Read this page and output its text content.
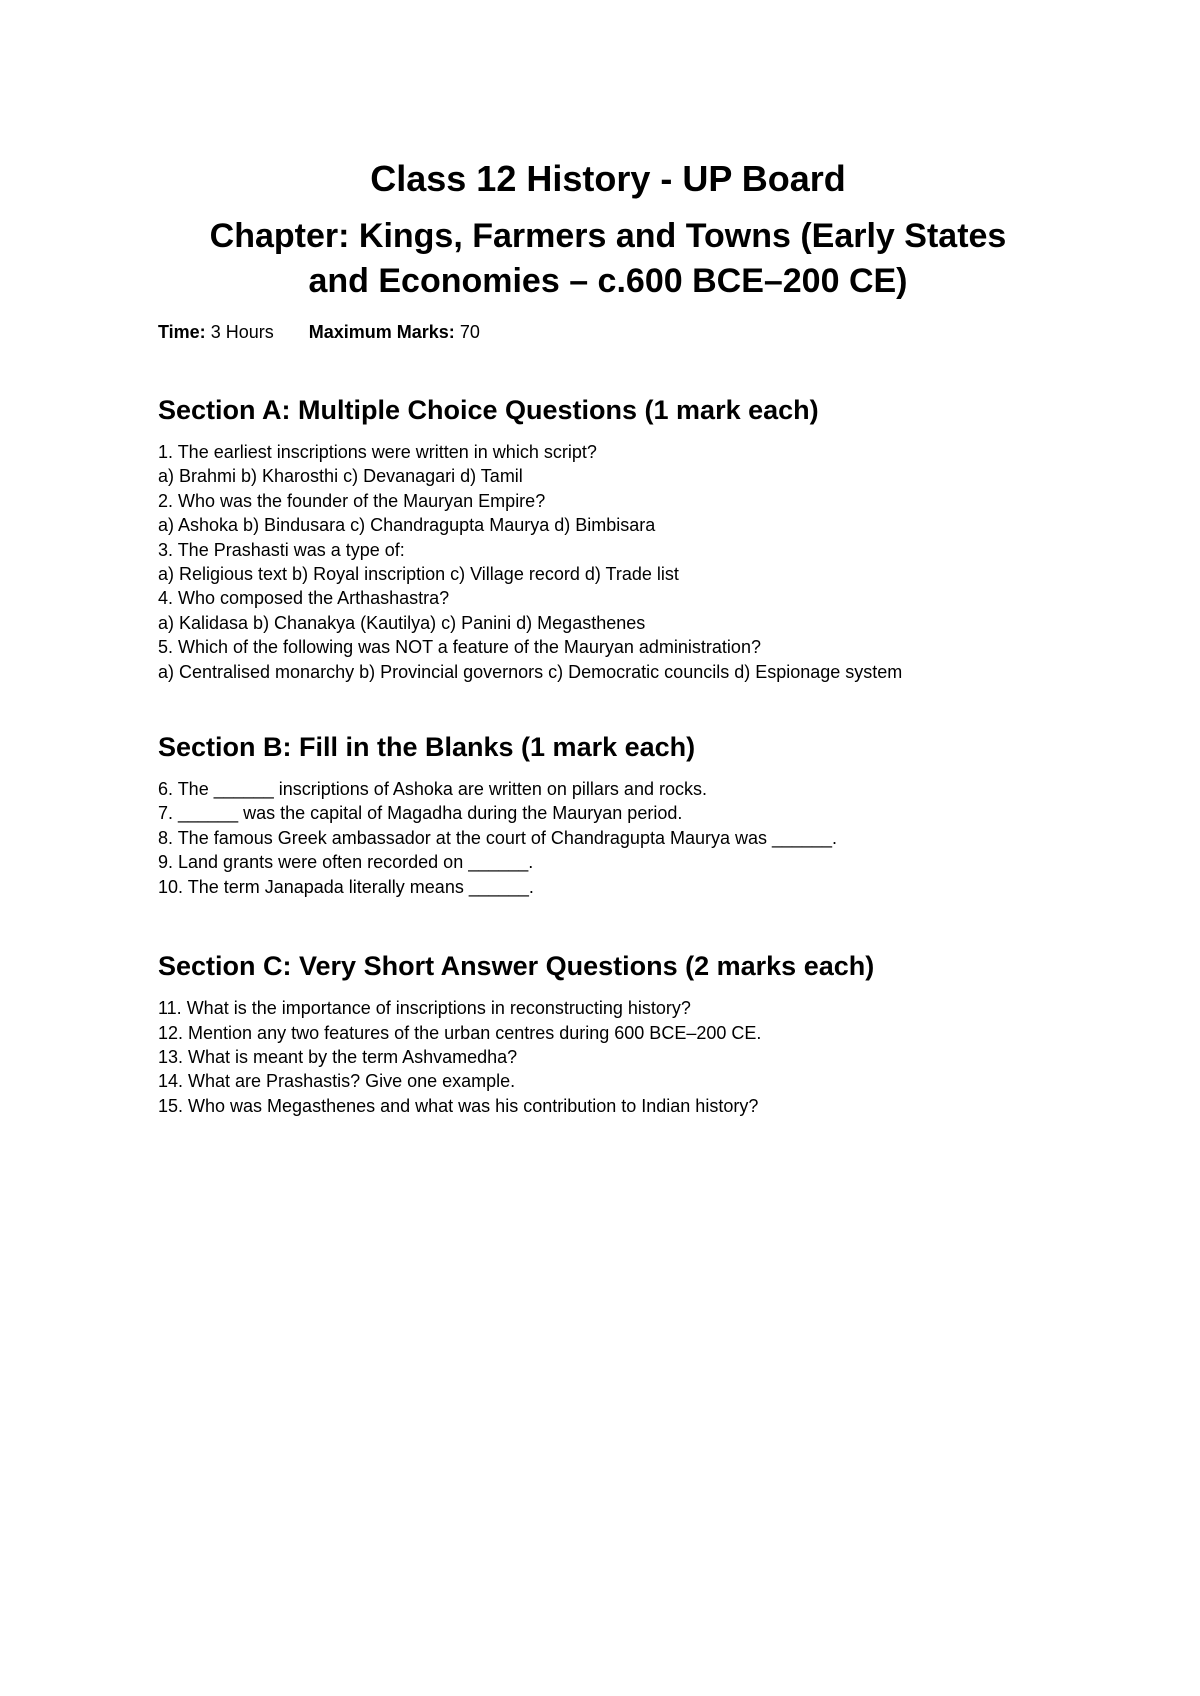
Class 12 History - UP Board
Chapter: Kings, Farmers and Towns (Early States
and Economies – c.600 BCE–200 CE)

Time: 3 Hours Maximum Marks: 70

Section A: Multiple Choice Questions (1 mark each)
1. The earliest inscriptions were written in which script?
a) Brahmi b) Kharosthi c) Devanagari d) Tamil
2. Who was the founder of the Mauryan Empire?
a) Ashoka b) Bindusara c) Chandragupta Maurya d) Bimbisara
3. The Prashasti was a type of:
a) Religious text b) Royal inscription c) Village record d) Trade list
4. Who composed the Arthashastra?
a) Kalidasa b) Chanakya (Kautilya) c) Panini d) Megasthenes
5. Which of the following was NOT a feature of the Mauryan administration?
a) Centralised monarchy b) Provincial governors c) Democratic councils d) Espionage system
Section B: Fill in the Blanks (1 mark each)
6. The ______ inscriptions of Ashoka are written on pillars and rocks.
7. ______ was the capital of Magadha during the Mauryan period.
8. The famous Greek ambassador at the court of Chandragupta Maurya was ______.
9. Land grants were often recorded on ______.
10. The term Janapada literally means ______.
Section C: Very Short Answer Questions (2 marks each)
11. What is the importance of inscriptions in reconstructing history?
12. Mention any two features of the urban centres during 600 BCE–200 CE.
13. What is meant by the term Ashvamedha?
14. What are Prashastis? Give one example.
15. Who was Megasthenes and what was his contribution to Indian history?
